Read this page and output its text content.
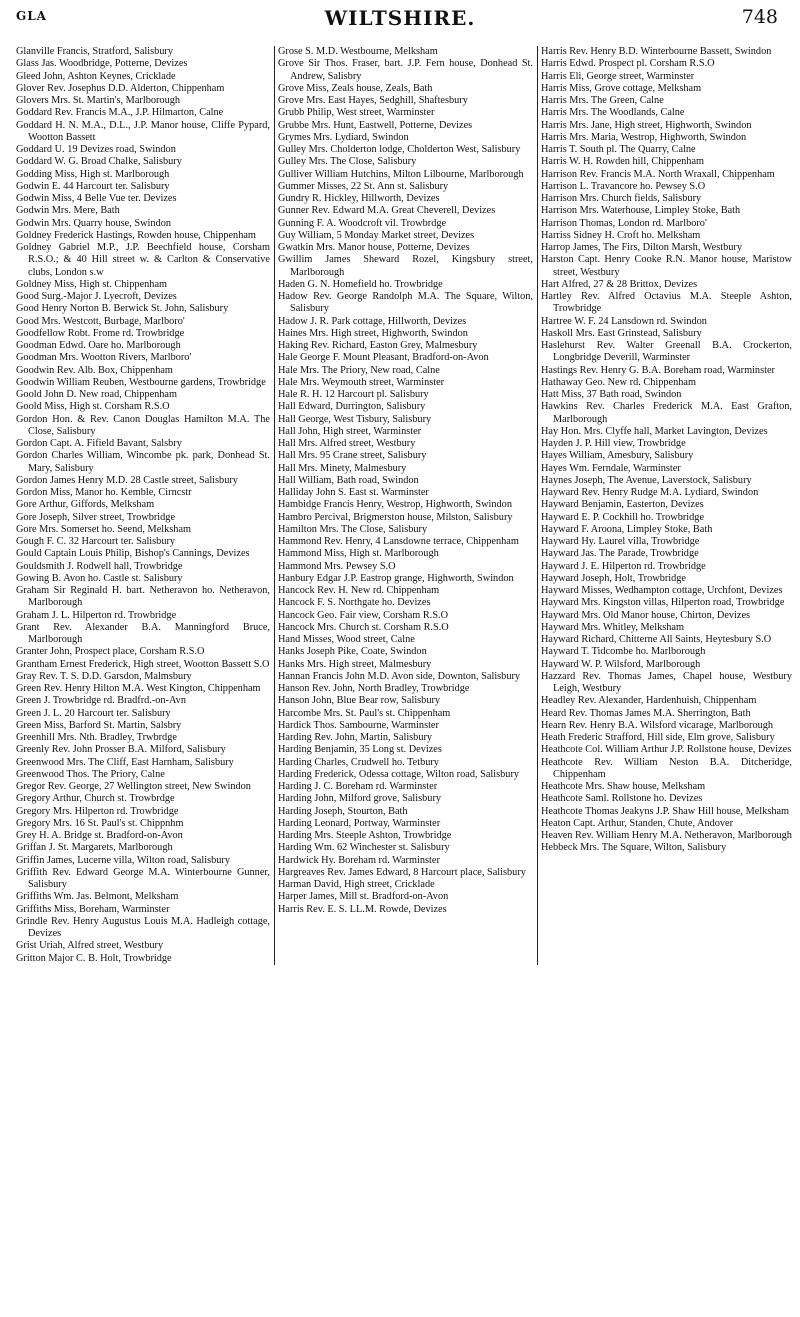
GLA	WILTSHIRE.	748

Glanville Francis, Stratford, Salisbury

Glass Jas. Woodbridge, Potterne, Devizes

Gleed John, Ashton Keynes, Cricklade

Glover Rev. Josephus D.D. Alderton, Chippenham

Glovers Mrs. St. Martin's, Marlborough

Goddard Rev. Francis M.A., J.P. Hilmarton, Calne

Goddard H. N. M.A., D.L., J.P. Manor house, Cliffe Pypard, Wootton Bassett

Goddard U. 19 Devizes road, Swindon

Goddard W. G. Broad Chalke, Salisbury

Godding Miss, High st. Marlborough

Godwin E. 44 Harcourt ter. Salisbury

Godwin Miss, 4 Belle Vue ter. Devizes

Godwin Mrs. Mere, Bath

Godwin Mrs. Quarry house, Swindon

Goldney Frederick Hastings, Rowden house, Chippenham

Goldney Gabriel M.P., J.P. Beechfield house, Corsham R.S.O.; & 40 Hill street w. & Carlton & Conservative clubs, London s.w

Goldney Miss, High st. Chippenham

Good Surg.-Major J. Lyecroft, Devizes

Good Henry Norton B. Berwick St. John, Salisbury

Good Mrs. Westcott, Burbage, Marlboro'

Goodfellow Robt. Frome rd. Trowbridge

Goodman Edwd. Oare ho. Marlborough

Goodman Mrs. Wootton Rivers, Marlboro'

Goodwin Rev. Alb. Box, Chippenham

Goodwin William Reuben, Westbourne gardens, Trowbridge

Goold John D. New road, Chippenham

Goold Miss, High st. Corsham R.S.O

Gordon Hon. & Rev. Canon Douglas Hamilton M.A. The Close, Salisbury

Gordon Capt. A. Fifield Bavant, Salsbry

Gordon Charles William, Wincombe pk. park, Donhead St. Mary, Salisbury

Gordon James Henry M.D. 28 Castle street, Salisbury

Gordon Miss, Manor ho. Kemble, Cirncstr

Gore Arthur, Giffords, Melksham

Gore Joseph, Silver street, Trowbridge

Gore Mrs. Somerset ho. Seend, Melksham

Gough F. C. 32 Harcourt ter. Salisbury

Gould Captain Louis Philip, Bishop's Cannings, Devizes

Gouldsmith J. Rodwell hall, Trowbridge

Gowing B. Avon ho. Castle st. Salisbury

Graham Sir Reginald H. bart. Netheravon ho. Netheravon, Marlborough

Graham J. L. Hilperton rd. Trowbridge

Grant Rev. Alexander B.A. Manningford Bruce, Marlborough

Granter John, Prospect place, Corsham R.S.O

Grantham Ernest Frederick, High street, Wootton Bassett S.O

Gray Rev. T. S. D.D. Garsdon, Malmsbury

Green Rev. Henry Hilton M.A. West Kington, Chippenham

Green J. Trowbridge rd. Bradfrd.-on-Avn

Green J. L. 20 Harcourt ter. Salisbury

Green Miss, Barford St. Martin, Salsbry

Greenhill Mrs. Nth. Bradley, Trwbrdge

Greenly Rev. John Prosser B.A. Milford, Salisbury

Greenwood Mrs. The Cliff, East Harnham, Salisbury

Greenwood Thos. The Priory, Calne

Gregor Rev. George, 27 Wellington street, New Swindon

Gregory Arthur, Church st. Trowbrdge

Gregory Mrs. Hilperton rd. Trowbridge

Gregory Mrs. 16 St. Paul's st. Chippnhm

Grey H. A. Bridge st. Bradford-on-Avon

Griffan J. St. Margarets, Marlborough

Griffin James, Lucerne villa, Wilton road, Salisbury

Griffith Rev. Edward George M.A. Winterbourne Gunner, Salisbury

Griffiths Wm. Jas. Belmont, Melksham

Griffiths Miss, Boreham, Warminster

Grindle Rev. Henry Augustus Louis M.A. Hadleigh cottage, Devizes

Grist Uriah, Alfred street, Westbury

Gritton Major C. B. Holt, Trowbridge

Grose S. M.D. Westbourne, Melksham

Grove Sir Thos. Fraser, bart. J.P. Fern house, Donhead St. Andrew, Salisbry

Grove Miss, Zeals house, Zeals, Bath

Grove Mrs. East Hayes, Sedghill, Shaftesbury

Grubb Philip, West street, Warminster

Grubbe Mrs. Hunt, Eastwell, Potterne, Devizes

Grymes Mrs. Lydiard, Swindon

Gulley Mrs. Cholderton lodge, Cholderton West, Salisbury

Gulley Mrs. The Close, Salisbury

Gulliver William Hutchins, Milton Lilbourne, Marlborough

Gummer Misses, 22 St. Ann st. Salisbury

Gundry R. Hickley, Hillworth, Devizes

Gunner Rev. Edward M.A. Great Cheverell, Devizes

Gunning F. A. Woodcroft vil. Trowbrdge

Guy William, 5 Monday Market street, Devizes

Gwatkin Mrs. Manor house, Potterne, Devizes

Gwillim James Sheward Rozel, Kingsbury street, Marlborough

Haden G. N. Homefield ho. Trowbridge

Hadow Rev. George Randolph M.A. The Square, Wilton, Salisbury

Hadow J. R. Park cottage, Hillworth, Devizes

Haines Mrs. High street, Highworth, Swindon

Haking Rev. Richard, Easton Grey, Malmesbury

Hale George F. Mount Pleasant, Bradford-on-Avon

Hale Mrs. The Priory, New road, Calne

Hale Mrs. Weymouth street, Warminster

Hale R. H. 12 Harcourt pl. Salisbury

Hall Edward, Durrington, Salisbury

Hall George, West Tisbury, Salisbury

Hall John, High street, Warminster

Hall Mrs. Alfred street, Westbury

Hall Mrs. 95 Crane street, Salisbury

Hall Mrs. Minety, Malmesbury

Hall William, Bath road, Swindon

Halliday John S. East st. Warminster

Hambidge Francis Henry, Westrop, Highworth, Swindon

Hambro Percival, Brigmerston house, Milston, Salisbury

Hamilton Mrs. The Close, Salisbury

Hammond Rev. Henry, 4 Lansdowne terrace, Chippenham

Hammond Miss, High st. Marlborough

Hammond Mrs. Pewsey S.O

Hanbury Edgar J.P. Eastrop grange, Highworth, Swindon

Hancock Rev. H. New rd. Chippenham

Hancock F. S. Northgate ho. Devizes

Hancock Geo. Fair view, Corsham R.S.O

Hancock Mrs. Church st. Corsham R.S.O

Hand Misses, Wood street, Calne

Hanks Joseph Pike, Coate, Swindon

Hanks Mrs. High street, Malmesbury

Hannan Francis John M.D. Avon side, Downton, Salisbury

Hanson Rev. John, North Bradley, Trowbridge

Hanson John, Blue Bear row, Salisbury

Harcombe Mrs. St. Paul's st. Chippenham

Hardick Thos. Sambourne, Warminster

Harding Rev. John, Martin, Salisbury

Harding Benjamin, 35 Long st. Devizes

Harding Charles, Crudwell ho. Tetbury

Harding Frederick, Odessa cottage, Wilton road, Salisbury

Harding J. C. Boreham rd. Warminster

Harding John, Milford grove, Salisbury

Harding Joseph, Stourton, Bath

Harding Leonard, Portway, Warminster

Harding Mrs. Steeple Ashton, Trowbridge

Harding Wm. 62 Winchester st. Salisbury

Hardwick Hy. Boreham rd. Warminster

Hargreaves Rev. James Edward, 8 Harcourt place, Salisbury

Harman David, High street, Cricklade

Harper James, Mill st. Bradford-on-Avon

Harris Rev. E. S. LL.M. Rowde, Devizes

Harris Rev. Henry B.D. Winterbourne Bassett, Swindon

Harris Edwd. Prospect pl. Corsham R.S.O

Harris Eli, George street, Warminster

Harris Miss, Grove cottage, Melksham

Harris Mrs. The Green, Calne

Harris Mrs. The Woodlands, Calne

Harris Mrs. Jane, High street, Highworth, Swindon

Harris Mrs. Maria, Westrop, Highworth, Swindon

Harris T. South pl. The Quarry, Calne

Harris W. H. Rowden hill, Chippenham

Harrison Rev. Francis M.A. North Wraxall, Chippenham

Harrison L. Travancore ho. Pewsey S.O

Harrison Mrs. Church fields, Salisbury

Harrison Mrs. Waterhouse, Limpley Stoke, Bath

Harrison Thomas, London rd. Marlboro'

Harriss Sidney H. Croft ho. Melksham

Harrop James, The Firs, Dilton Marsh, Westbury

Harston Capt. Henry Cooke R.N. Manor house, Maristow street, Westbury

Hart Alfred, 27 & 28 Brittox, Devizes

Hartley Rev. Alfred Octavius M.A. Steeple Ashton, Trowbridge

Hartree W. F. 24 Lansdown rd. Swindon

Haskoll Mrs. East Grinstead, Salisbury

Haslehurst Rev. Walter Greenall B.A. Crockerton, Longbridge Deverill, Warminster

Hastings Rev. Henry G. B.A. Boreham road, Warminster

Hathaway Geo. New rd. Chippenham

Hatt Miss, 37 Bath road, Swindon

Hawkins Rev. Charles Frederick M.A. East Grafton, Marlborough

Hay Hon. Mrs. Clyffe hall, Market Lavington, Devizes

Hayden J. P. Hill view, Trowbridge

Hayes William, Amesbury, Salisbury

Hayes Wm. Ferndale, Warminster

Haynes Joseph, The Avenue, Laverstock, Salisbury

Hayward Rev. Henry Rudge M.A. Lydiard, Swindon

Hayward Benjamin, Easterton, Devizes

Hayward E. P. Cockhill ho. Trowbridge

Hayward F. Aroona, Limpley Stoke, Bath

Hayward Hy. Laurel villa, Trowbridge

Hayward Jas. The Parade, Trowbridge

Hayward J. E. Hilperton rd. Trowbridge

Hayward Joseph, Holt, Trowbridge

Hayward Misses, Wedhampton cottage, Urchfont, Devizes

Hayward Mrs. Kingston villas, Hilperton road, Trowbridge

Hayward Mrs. Old Manor house, Chirton, Devizes

Hayward Mrs. Whitley, Melksham

Hayward Richard, Chitterne All Saints, Heytesbury S.O

Hayward T. Tidcombe ho. Marlborough

Hayward W. P. Wilsford, Marlborough

Hazzard Rev. Thomas James, Chapel house, Westbury Leigh, Westbury

Headley Rev. Alexander, Hardenhuish, Chippenham

Heard Rev. Thomas James M.A. Sherrington, Bath

Hearn Rev. Henry B.A. Wilsford vicarage, Marlborough

Heath Frederic Strafford, Hill side, Elm grove, Salisbury

Heathcote Col. William Arthur J.P. Rollstone house, Devizes

Heathcote Rev. William Neston B.A. Ditcheridge, Chippenham

Heathcote Mrs. Shaw house, Melksham

Heathcote Saml. Rollstone ho. Devizes

Heathcote Thomas Jeakyns J.P. Shaw Hill house, Melksham

Heaton Capt. Arthur, Standen, Chute, Andover

Heaven Rev. William Henry M.A. Netheravon, Marlborough

Hebbeck Mrs. The Square, Wilton, Salisbury
